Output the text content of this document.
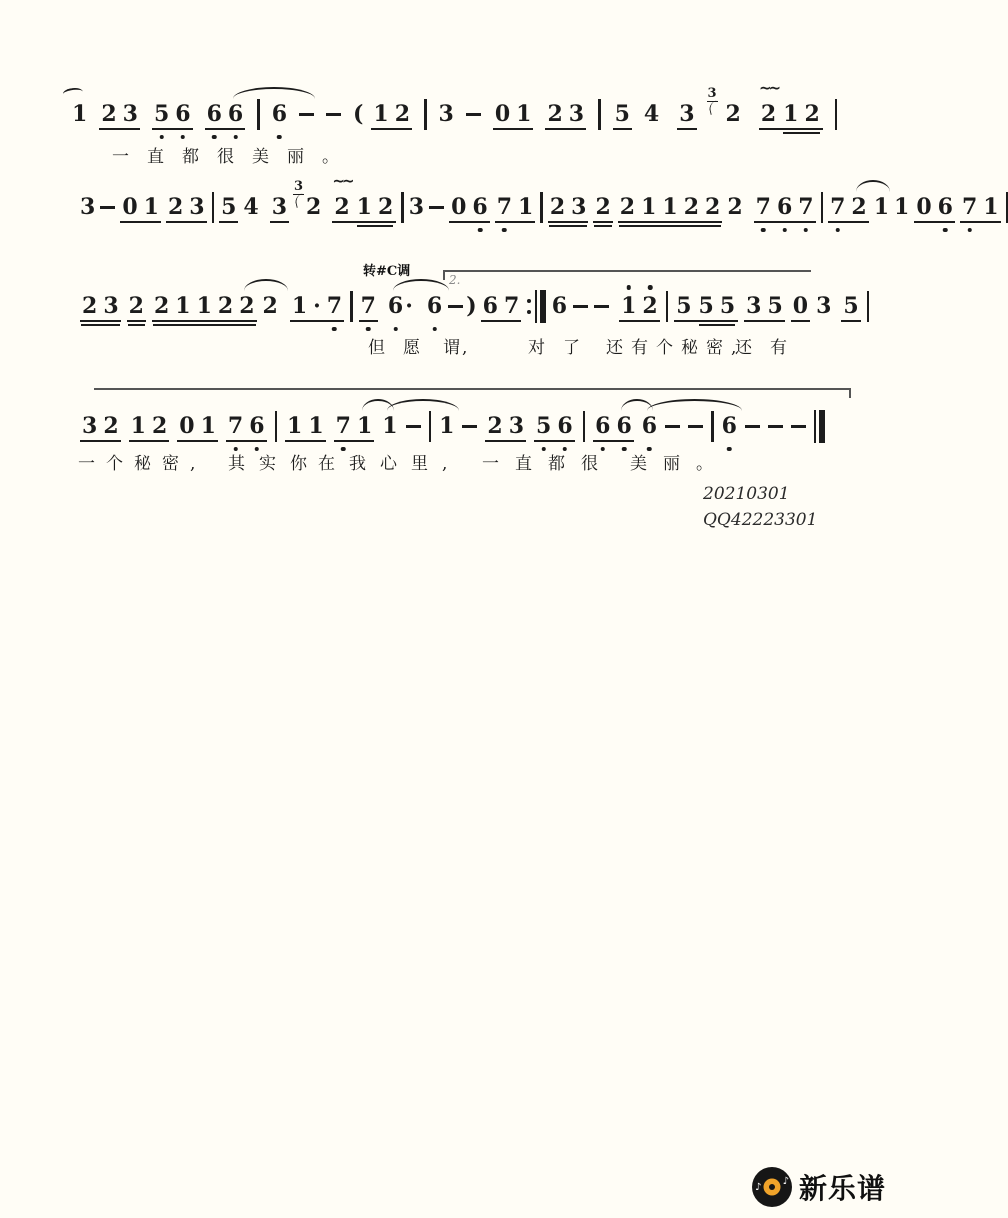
转#C调
2.
1 2 3 5 6 6 6 6	( 1 2 3 0 1 2 3 5 4 3
3
2 2
~~
1 2
一直都很美丽。
3 0 1 2 3 5 4 3
3
2 2
~~
1 2 3 0 6 7 1 2 3 2 2 1 1 2 2 2 7 6 7 7 2 1 1 0 6 7 1
2 3 2 2 1 1 2 2 2 1 · 7 7 6 · 6 ) 6 7 6 1 2 5 5 5 3 5 0 3 5
但愿 谓,	对了 还有个秘密,
还有
3 2 1 2 0 1 7 6 1 1 7 1 1 1 2 3 5 6 6 6 6	6
一个秘密, 其实你
在我心里, 一直都很 美丽。
20210301
QQ42223301
♪
♪ 新乐谱
